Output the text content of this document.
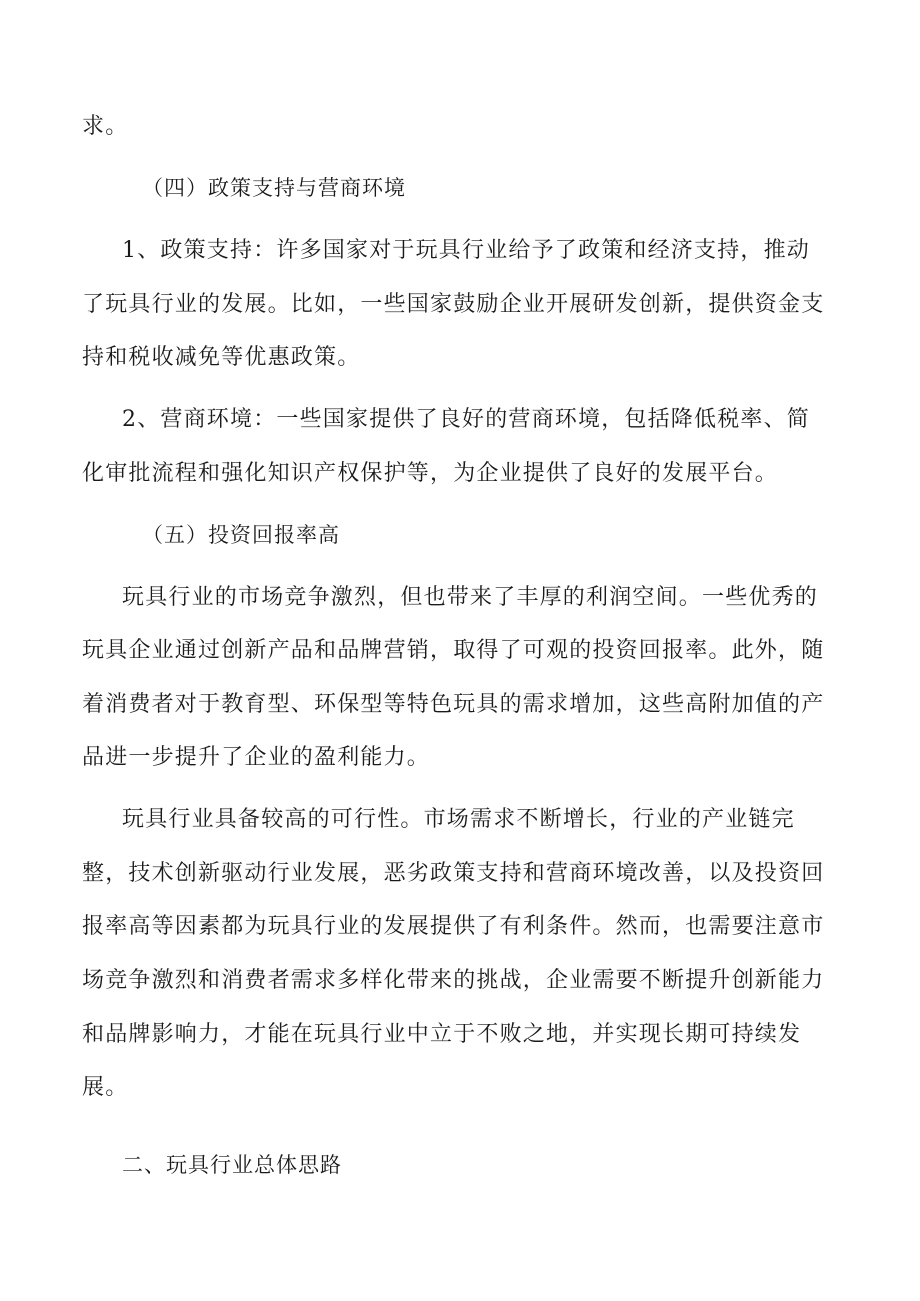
求。
（四）政策支持与营商环境
1、政策支持：许多国家对于玩具行业给予了政策和经济支持，推动
了玩具行业的发展。比如，一些国家鼓励企业开展研发创新，提供资金支
持和税收减免等优惠政策。
2、营商环境：一些国家提供了良好的营商环境，包括降低税率、简
化审批流程和强化知识产权保护等，为企业提供了良好的发展平台。
（五）投资回报率高
玩具行业的市场竞争激烈，但也带来了丰厚的利润空间。一些优秀的
玩具企业通过创新产品和品牌营销，取得了可观的投资回报率。此外，随
着消费者对于教育型、环保型等特色玩具的需求增加，这些高附加值的产
品进一步提升了企业的盈利能力。
玩具行业具备较高的可行性。市场需求不断增长，行业的产业链完
整，技术创新驱动行业发展，恶劣政策支持和营商环境改善，以及投资回
报率高等因素都为玩具行业的发展提供了有利条件。然而，也需要注意市
场竞争激烈和消费者需求多样化带来的挑战，企业需要不断提升创新能力
和品牌影响力，才能在玩具行业中立于不败之地，并实现长期可持续发
展。
二、玩具行业总体思路
